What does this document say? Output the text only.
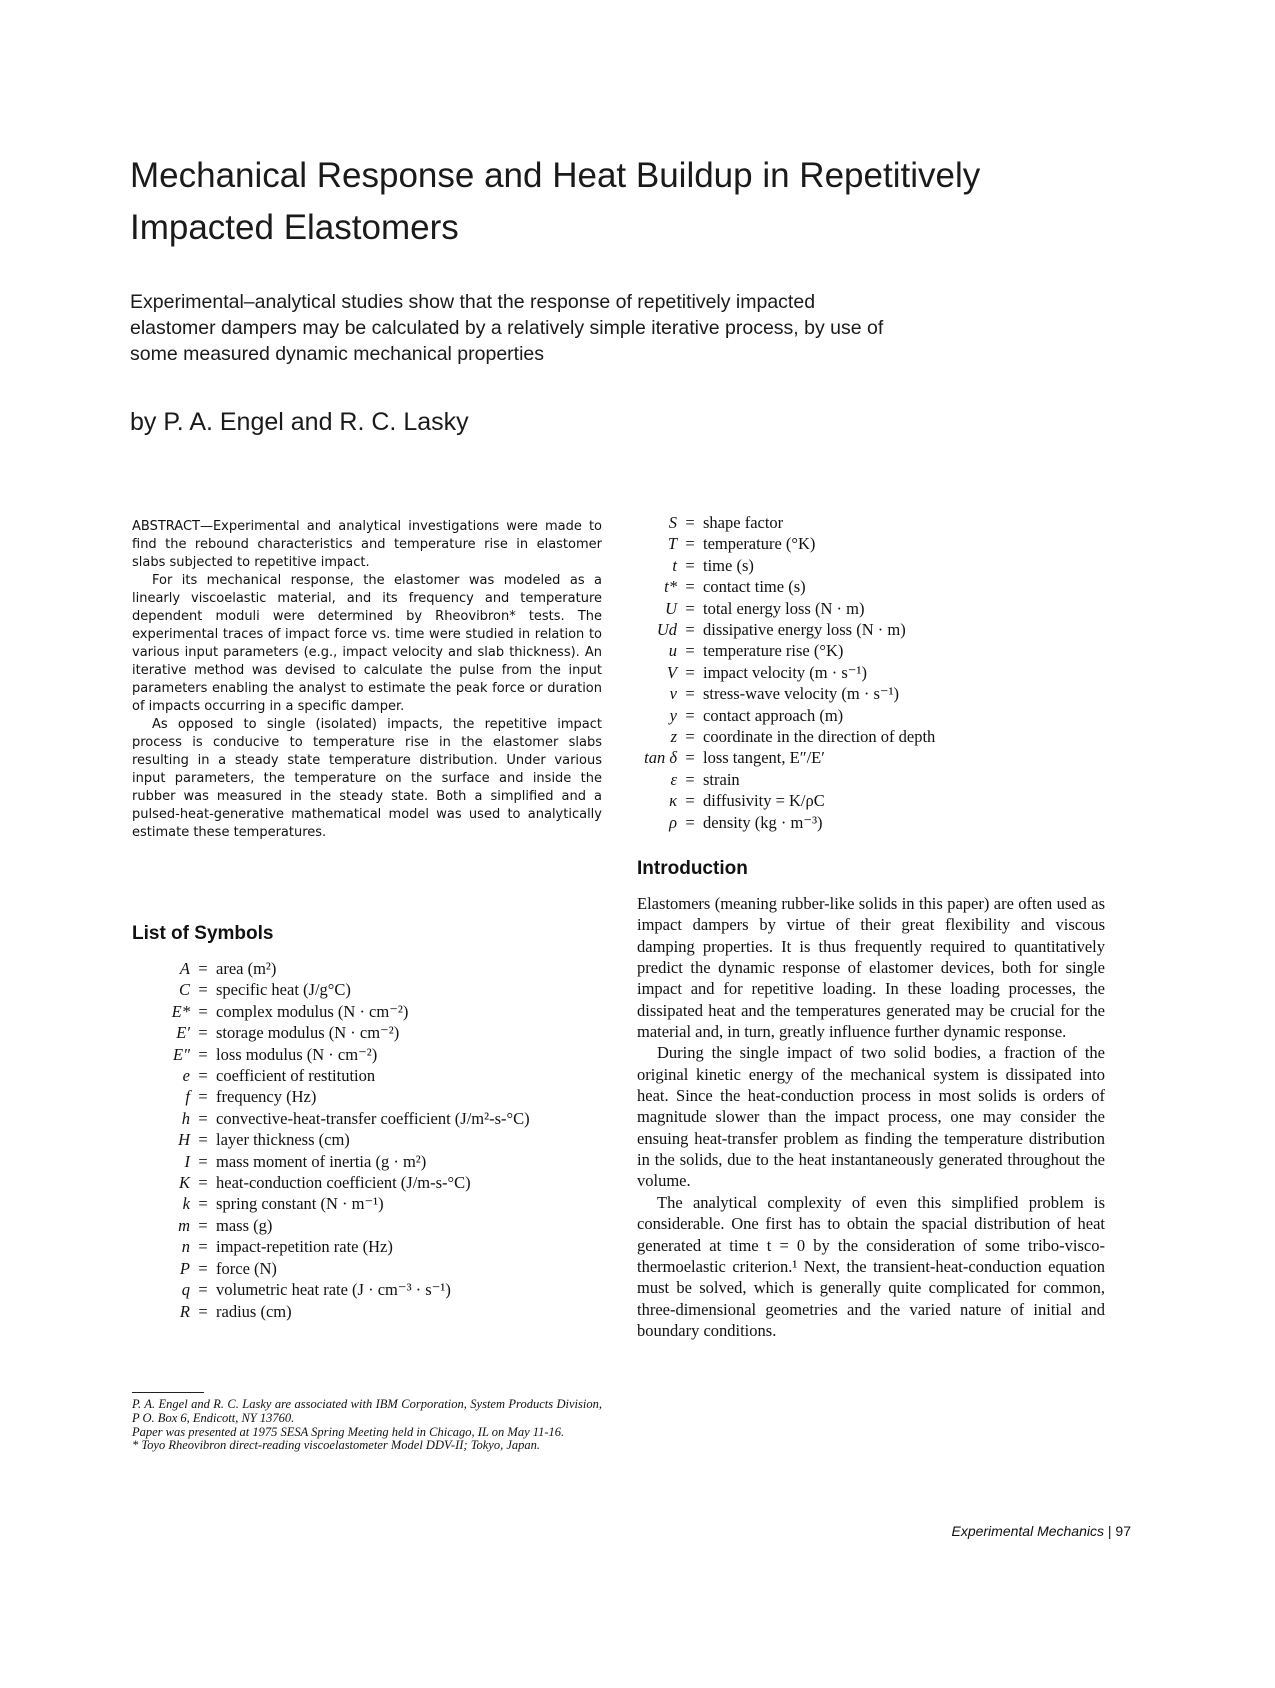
Mechanical Response and Heat Buildup in Repetitively Impacted Elastomers
Experimental–analytical studies show that the response of repetitively impacted elastomer dampers may be calculated by a relatively simple iterative process, by use of some measured dynamic mechanical properties
by P. A. Engel and R. C. Lasky

ABSTRACT—Experimental and analytical investigations were made to find the rebound characteristics and temperature rise in elastomer slabs subjected to repetitive impact.

For its mechanical response, the elastomer was modeled as a linearly viscoelastic material, and its frequency and temperature dependent moduli were determined by Rheovibron* tests. The experimental traces of impact force vs. time were studied in relation to various input parameters (e.g., impact velocity and slab thickness). An iterative method was devised to calculate the pulse from the input parameters enabling the analyst to estimate the peak force or duration of impacts occurring in a specific damper.

As opposed to single (isolated) impacts, the repetitive impact process is conducive to temperature rise in the elastomer slabs resulting in a steady state temperature distribution. Under various input parameters, the temperature on the surface and inside the rubber was measured in the steady state. Both a simplified and a pulsed-heat-generative mathematical model was used to analytically estimate these temperatures.

List of Symbols
A = area (m²)
C = specific heat (J/g°C)
E* = complex modulus (N · cm⁻²)
E′ = storage modulus (N · cm⁻²)
E″ = loss modulus (N · cm⁻²)
e = coefficient of restitution
f = frequency (Hz)
h = convective-heat-transfer coefficient (J/m²-s-°C)
H = layer thickness (cm)
I = mass moment of inertia (g · m²)
K = heat-conduction coefficient (J/m-s-°C)
k = spring constant (N · m⁻¹)
m = mass (g)
n = impact-repetition rate (Hz)
P = force (N)
q = volumetric heat rate (J · cm⁻³ · s⁻¹)
R = radius (cm)
S = shape factor
T = temperature (°K)
t = time (s)
t* = contact time (s)
U = total energy loss (N · m)
Ud = dissipative energy loss (N · m)
u = temperature rise (°K)
V = impact velocity (m · s⁻¹)
v = stress-wave velocity (m · s⁻¹)
y = contact approach (m)
z = coordinate in the direction of depth
tan δ = loss tangent, E″/E′
ε = strain
κ = diffusivity = K/ρC
ρ = density (kg · m⁻³)
Introduction

Elastomers (meaning rubber-like solids in this paper) are often used as impact dampers by virtue of their great flexibility and viscous damping properties. It is thus frequently required to quantitatively predict the dynamic response of elastomer devices, both for single impact and for repetitive loading. In these loading processes, the dissipated heat and the temperatures generated may be crucial for the material and, in turn, greatly influence further dynamic response.

During the single impact of two solid bodies, a fraction of the original kinetic energy of the mechanical system is dissipated into heat. Since the heat-conduction process in most solids is orders of magnitude slower than the impact process, one may consider the ensuing heat-transfer problem as finding the temperature distribution in the solids, due to the heat instantaneously generated throughout the volume.

The analytical complexity of even this simplified problem is considerable. One first has to obtain the spacial distribution of heat generated at time t = 0 by the consideration of some tribo-visco-thermoelastic criterion.¹ Next, the transient-heat-conduction equation must be solved, which is generally quite complicated for common, three-dimensional geometries and the varied nature of initial and boundary conditions.

P. A. Engel and R. C. Lasky are associated with IBM Corporation, System Products Division, P O. Box 6, Endicott, NY 13760.

Paper was presented at 1975 SESA Spring Meeting held in Chicago, IL on May 11-16.

* Toyo Rheovibron direct-reading viscoelastometer Model DDV-II; Tokyo, Japan.

Experimental Mechanics | 97
